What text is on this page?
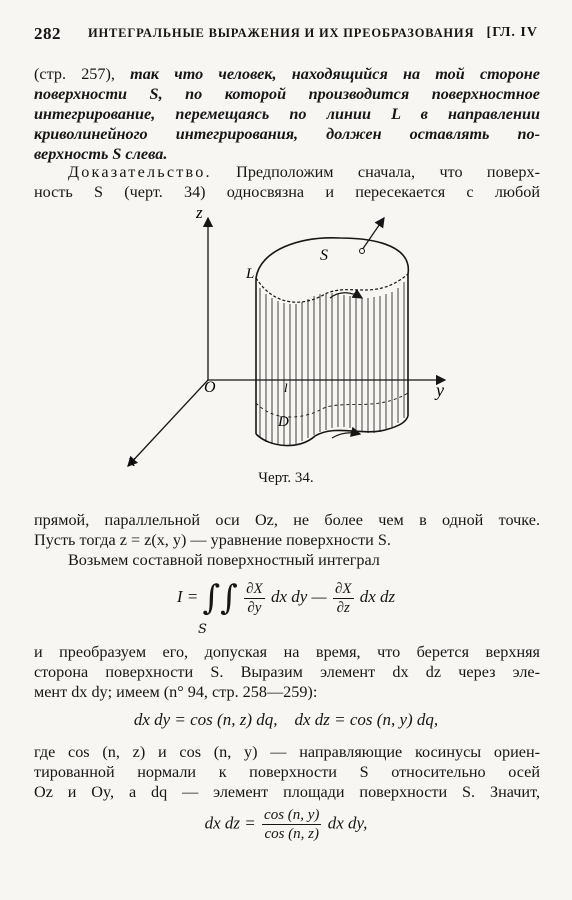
282 ИНТЕГРАЛЬНЫЕ ВЫРАЖЕНИЯ И ИХ ПРЕОБРАЗОВАНИЯ [ГЛ. IV
(стр. 257), так что человек, находящийся на той стороне
поверхности S, по которой производится поверхностное
интегрирование, перемещаясь по линии L в направлении
криволинейного интегрирования, должен оставлять по-
верхность S слева.
Доказательство. Предположим сначала, что поверх-
ность S (черт. 34) односвязна и пересекается с любой
z
y
x
O
S
L
D
l
Черт. 34.
прямой, параллельной оси Oz, не более чем в одной точке.
Пусть тогда z = z(x, y) — уравнение поверхности S.
Возьмем составной поверхностный интеграл
I = ∫∫ $\frac{\partial X}{\partial y}$ dx dy — $\frac{\partial X}{\partial z}$ dx dz
S
и преобразуем его, допуская на время, что берется верхняя
сторона поверхности S. Выразим элемент dx dz через эле-
мент dx dy; имеем (n° 94, стр. 258—259):
dx dy = cos (n, z) dq,    dx dz = cos (n, y) dq,
где cos (n, z) и cos (n, y) — направляющие косинусы ориен-
тированной нормали к поверхности S относительно осей
Oz и Oy, а dq — элемент площади поверхности S. Значит,
dx dz = $\frac{\cos (n, y)}{\cos (n, z)}$ dx dy,
